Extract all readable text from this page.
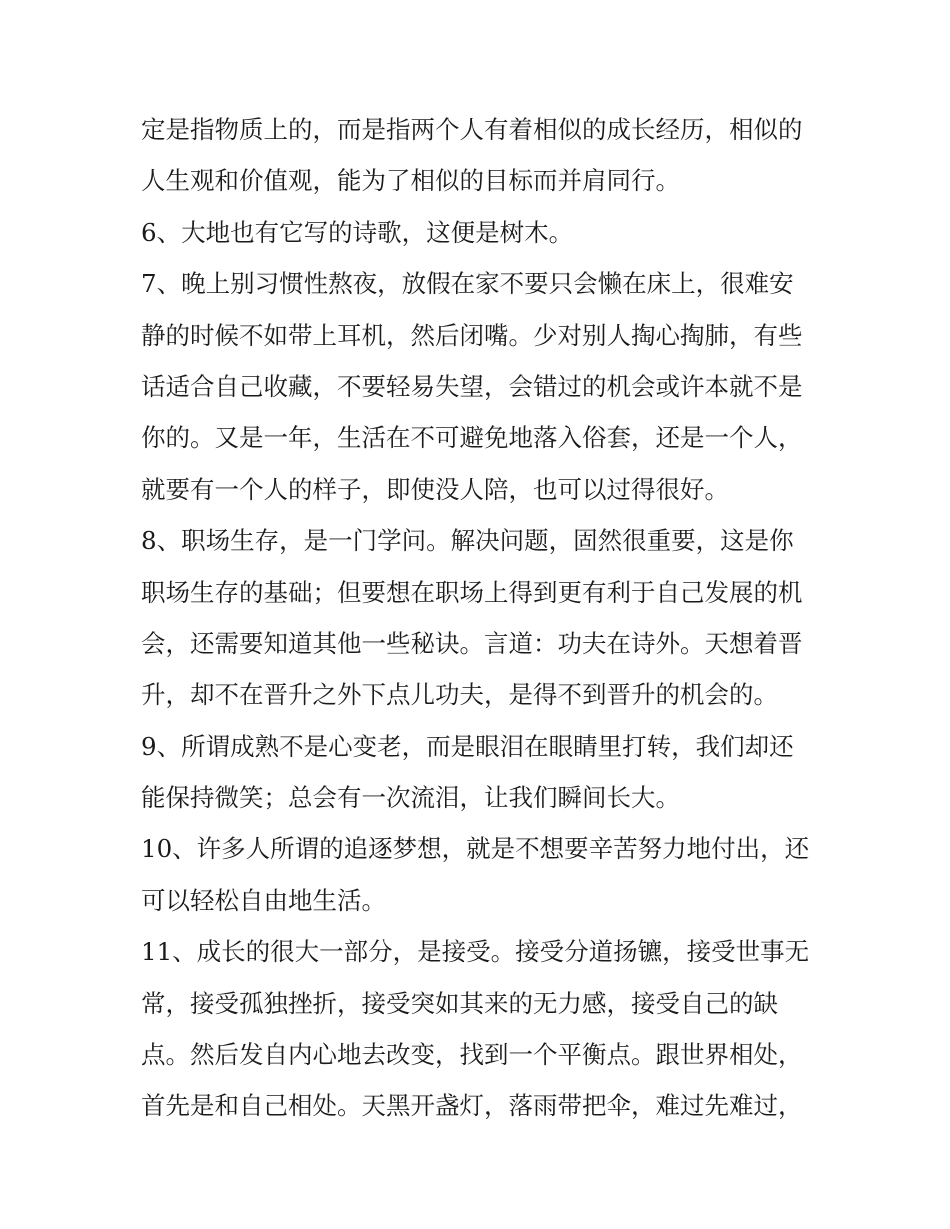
定是指物质上的，而是指两个人有着相似的成长经历，相似的
人生观和价值观，能为了相似的目标而并肩同行。
6、大地也有它写的诗歌，这便是树木。
7、晚上别习惯性熬夜，放假在家不要只会懒在床上，很难安
静的时候不如带上耳机，然后闭嘴。少对别人掏心掏肺，有些
话适合自己收藏，不要轻易失望，会错过的机会或许本就不是
你的。又是一年，生活在不可避免地落入俗套，还是一个人，
就要有一个人的样子，即使没人陪，也可以过得很好。
8、职场生存，是一门学问。解决问题，固然很重要，这是你
职场生存的基础；但要想在职场上得到更有利于自己发展的机
会，还需要知道其他一些秘诀。言道：功夫在诗外。天想着晋
升，却不在晋升之外下点儿功夫，是得不到晋升的机会的。
9、所谓成熟不是心变老，而是眼泪在眼睛里打转，我们却还
能保持微笑；总会有一次流泪，让我们瞬间长大。
10、许多人所谓的追逐梦想，就是不想要辛苦努力地付出，还
可以轻松自由地生活。
11、成长的很大一部分，是接受。接受分道扬镳，接受世事无
常，接受孤独挫折，接受突如其来的无力感，接受自己的缺
点。然后发自内心地去改变，找到一个平衡点。跟世界相处，
首先是和自己相处。天黑开盏灯，落雨带把伞，难过先难过，
